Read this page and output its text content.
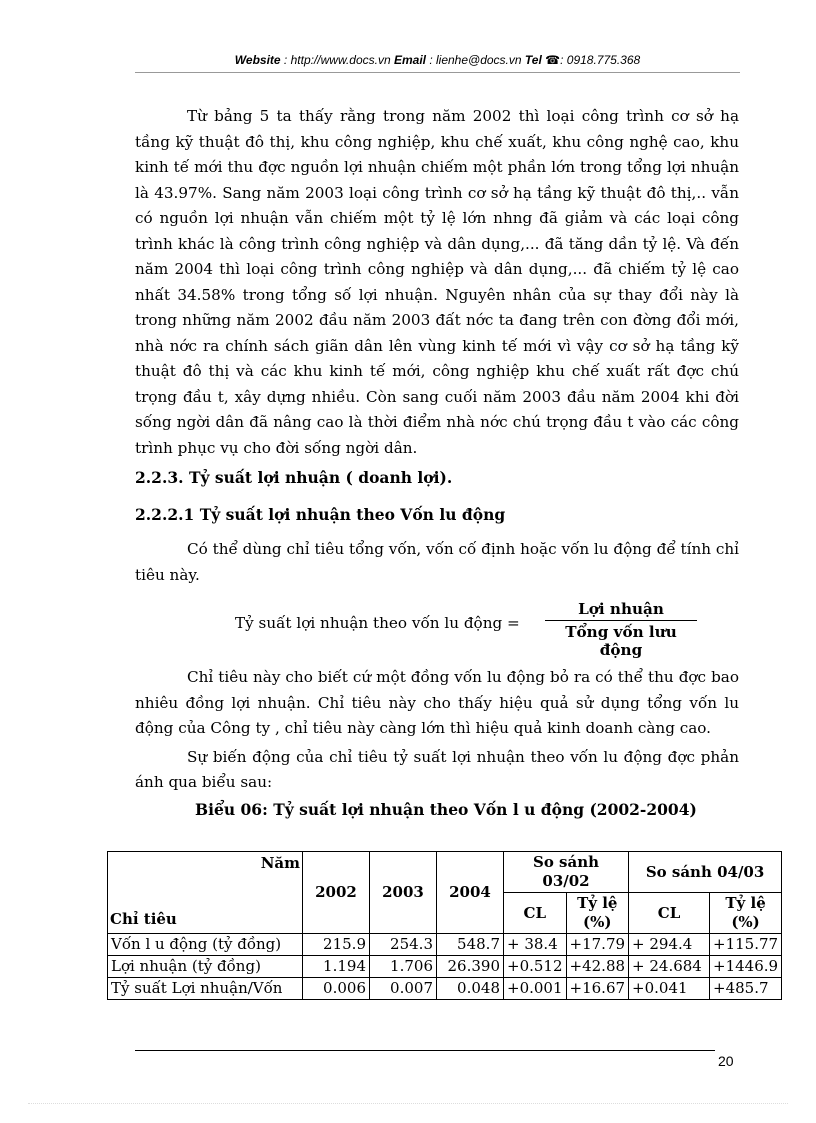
Website : http://www.docs.vn Email : lienhe@docs.vn Tel ☎: 0918.775.368

Từ bảng 5 ta thấy rằng trong năm 2002 thì loại công trình cơ sở hạ tầng kỹ thuật đô thị, khu công nghiệp, khu chế xuất, khu công nghệ cao, khu kinh tế mới thu đợc nguồn lợi nhuận chiếm một phần lớn trong tổng lợi nhuận là 43.97%. Sang năm 2003 loại công trình cơ sở hạ tầng kỹ thuật đô thị,.. vẫn có nguồn lợi nhuận vẫn chiếm một tỷ lệ lớn nhng đã giảm và các loại công trình khác là công trình công nghiệp và dân dụng,... đã tăng dần tỷ lệ. Và đến năm 2004 thì loại công trình công nghiệp và dân dụng,... đã chiếm tỷ lệ cao nhất 34.58% trong tổng số lợi nhuận. Nguyên nhân của sự thay đổi này là trong những năm 2002 đầu năm 2003 đất nớc ta đang trên con đờng đổi mới, nhà nớc ra chính sách giãn dân lên vùng kinh tế mới vì vậy cơ sở hạ tầng kỹ thuật đô thị và các khu kinh tế mới, công nghiệp khu chế xuất rất đợc chú trọng đầu t, xây dựng nhiều. Còn sang cuối năm 2003 đầu năm 2004 khi đời sống ngời dân đã nâng cao là thời điểm nhà nớc chú trọng đầu t vào các công trình phục vụ cho đời sống ngời dân.

2.2.3. Tỷ suất lợi nhuận ( doanh lợi).
2.2.2.1 Tỷ suất lợi nhuận theo Vốn lu động

Có thể dùng chỉ tiêu tổng vốn, vốn cố định hoặc vốn lu động để tính chỉ tiêu này.

Tỷ suất lợi nhuận theo vốn lu động =
Lợi nhuận
Tổng vốn lưu động

Chỉ tiêu này cho biết cứ một đồng vốn lu động bỏ ra có thể thu đợc bao nhiêu đồng lợi nhuận. Chỉ tiêu này cho thấy hiệu quả sử dụng tổng vốn lu động của Công ty , chỉ tiêu này càng lớn thì hiệu quả kinh doanh càng cao.

Sự biến động của chỉ tiêu tỷ suất lợi nhuận theo vốn lu động đợc phản ánh qua biểu sau:

Biểu 06: Tỷ suất lợi nhuận theo Vốn l u động (2002-2004)
Năm
Chỉ tiêu	2002	2003	2004	So sánh 03/02		So sánh 04/03	
				CL	Tỷ lệ (%)	CL	Tỷ lệ (%)
Vốn l u động (tỷ đồng)	215.9	254.3	548.7	+ 38.4	+17.79	+ 294.4	+115.77
Lợi nhuận (tỷ đồng)	1.194	1.706	26.390	+0.512	+42.88	+ 24.684	+1446.9
Tỷ suất Lợi nhuận/Vốn	0.006	0.007	0.048	+0.001	+16.67	+0.041	+485.7
20
